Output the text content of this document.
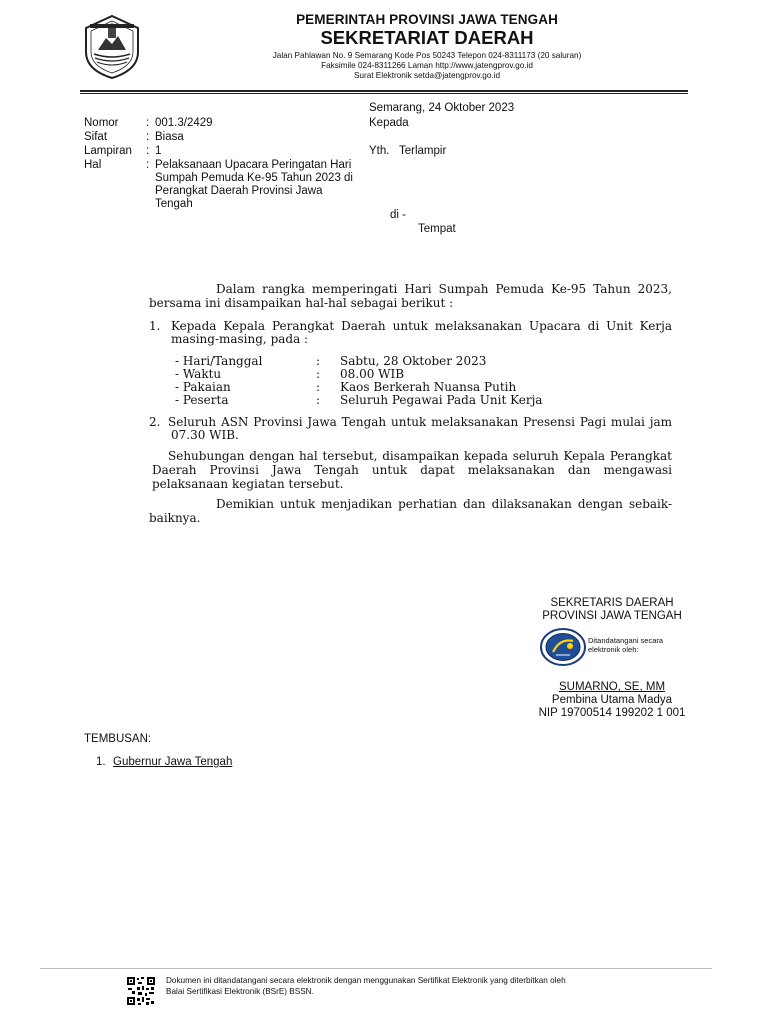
PEMERINTAH PROVINSI JAWA TENGAH
SEKRETARIAT DAERAH
Jalan Pahlawan No. 9 Semarang Kode Pos 50243 Telepon 024-8311173 (20 saluran)
Faksimile 024-8311266 Laman http://www.jatengprov.go.id
Surat Elektronik setda@jatengprov.go.id
Semarang, 24 Oktober 2023
Kepada
Yth. Terlampir
di -
Tempat
Nomor : 001.3/2429
Sifat	: Biasa
Lampiran : 1
Hal	: Pelaksanaan Upacara Peringatan Hari
Sumpah Pemuda Ke-95 Tahun 2023 di
Perangkat Daerah Provinsi Jawa
Tengah
Dalam rangka memperingati Hari Sumpah Pemuda Ke-95 Tahun 2023,
bersama ini disampaikan hal-hal sebagai berikut :
1. Kepada Kepala Perangkat Daerah untuk melaksanakan Upacara di Unit Kerja
masing-masing, pada :
- Hari/Tanggal	: Sabtu, 28 Oktober 2023
- Waktu	: 08.00 WIB
- Pakaian	: Kaos Berkerah Nuansa Putih
- Peserta	: Seluruh Pegawai Pada Unit Kerja
2. Seluruh ASN Provinsi Jawa Tengah untuk melaksanakan Presensi Pagi mulai jam
07.30 WIB.
Sehubungan dengan hal tersebut, disampaikan kepada seluruh Kepala Perangkat
Daerah Provinsi Jawa Tengah untuk dapat melaksanakan dan mengawasi
pelaksanaan kegiatan tersebut.
Demikian untuk menjadikan perhatian dan dilaksanakan dengan sebaik-
baiknya.
SEKRETARIS DAERAH
PROVINSI JAWA TENGAH
Ditandatangani secara
elektronik oleh:
SUMARNO, SE, MM
Pembina Utama Madya
NIP 19700514 199202 1 001
TEMBUSAN:
1. Gubernur Jawa Tengah
Dokumen ini ditandatangani secara elektronik dengan menggunakan Sertifikat Elektronik yang diterbitkan oleh
Balai Sertifikasi Elektronik (BSrE) BSSN.
